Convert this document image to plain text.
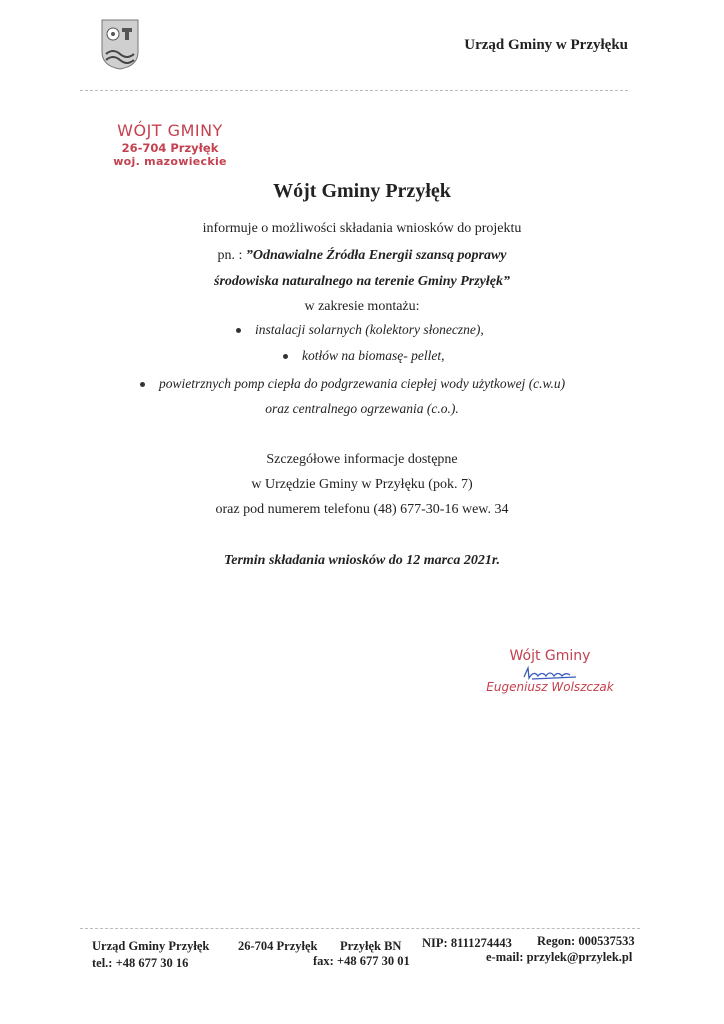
Urząd Gminy w Przyłęku
WÓJT GMINY
26-704 Przyłęk
woj. mazowieckie
Wójt Gminy Przyłęk
informuje o możliwości składania wniosków do projektu
pn. : ”Odnawialne Źródła Energii szansą poprawy
środowiska naturalnego na terenie Gminy Przyłęk”
w zakresie montażu:
instalacji solarnych (kolektory słoneczne),
kotłów na biomasę- pellet,
powietrznych pomp ciepła do podgrzewania ciepłej wody użytkowej (c.w.u)
oraz centralnego ogrzewania (c.o.).
Szczegółowe informacje dostępne
w Urzędzie Gminy w Przyłęku (pok. 7)
oraz pod numerem telefonu (48) 677-30-16 wew. 34
Termin składania wniosków do 12 marca 2021r.
Wójt Gminy
Eugeniusz Wolszczak
Urząd Gminy Przyłęk
tel.: +48 677 30 16
26-704 Przyłęk Przyłęk BN
fax: +48 677 30 01
NIP: 8111274443 Regon: 000537533
e-mail: przylek@przylek.pl
